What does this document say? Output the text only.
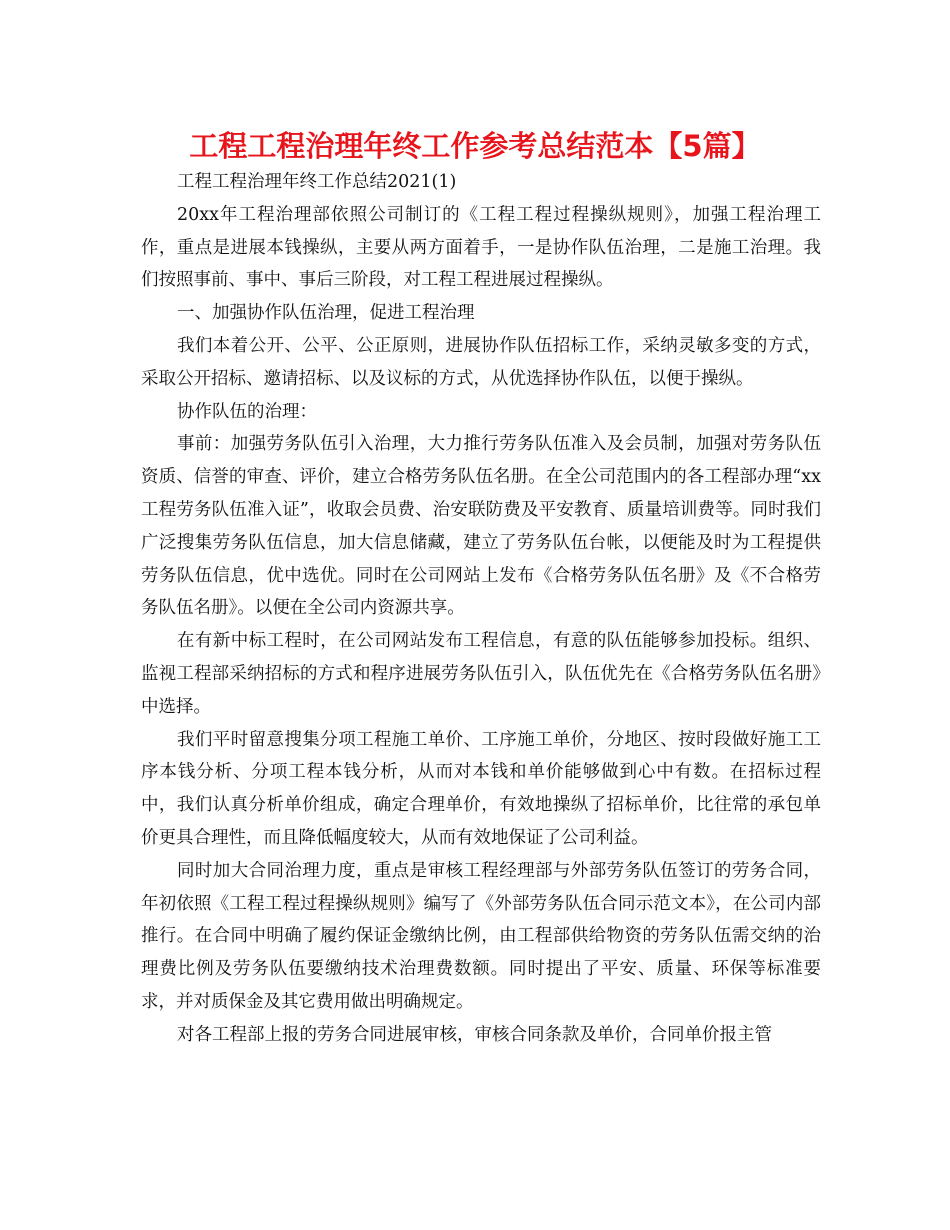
工程工程治理年终工作参考总结范本【5篇】

工程工程治理年终工作总结2021(1)

20xx年工程治理部依照公司制订的《工程工程过程操纵规则》，加强工程治理工作，重点是进展本钱操纵，主要从两方面着手，一是协作队伍治理，二是施工治理。我们按照事前、事中、事后三阶段，对工程工程进展过程操纵。

一、加强协作队伍治理，促进工程治理

我们本着公开、公平、公正原则，进展协作队伍招标工作，采纳灵敏多变的方式，采取公开招标、邀请招标、以及议标的方式，从优选择协作队伍，以便于操纵。

协作队伍的治理：

事前：加强劳务队伍引入治理，大力推行劳务队伍准入及会员制，加强对劳务队伍资质、信誉的审查、评价，建立合格劳务队伍名册。在全公司范围内的各工程部办理“xx工程劳务队伍准入证”，收取会员费、治安联防费及平安教育、质量培训费等。同时我们广泛搜集劳务队伍信息，加大信息储藏，建立了劳务队伍台帐，以便能及时为工程提供劳务队伍信息，优中选优。同时在公司网站上发布《合格劳务队伍名册》及《不合格劳务队伍名册》。以便在全公司内资源共享。

在有新中标工程时，在公司网站发布工程信息，有意的队伍能够参加投标。组织、监视工程部采纳招标的方式和程序进展劳务队伍引入，队伍优先在《合格劳务队伍名册》中选择。

我们平时留意搜集分项工程施工单价、工序施工单价，分地区、按时段做好施工工序本钱分析、分项工程本钱分析，从而对本钱和单价能够做到心中有数。在招标过程中，我们认真分析单价组成，确定合理单价，有效地操纵了招标单价，比往常的承包单价更具合理性，而且降低幅度较大，从而有效地保证了公司利益。

同时加大合同治理力度，重点是审核工程经理部与外部劳务队伍签订的劳务合同，年初依照《工程工程过程操纵规则》编写了《外部劳务队伍合同示范文本》，在公司内部推行。在合同中明确了履约保证金缴纳比例，由工程部供给物资的劳务队伍需交纳的治理费比例及劳务队伍要缴纳技术治理费数额。同时提出了平安、质量、环保等标准要求，并对质保金及其它费用做出明确规定。

对各工程部上报的劳务合同进展审核，审核合同条款及单价，合同单价报主管
